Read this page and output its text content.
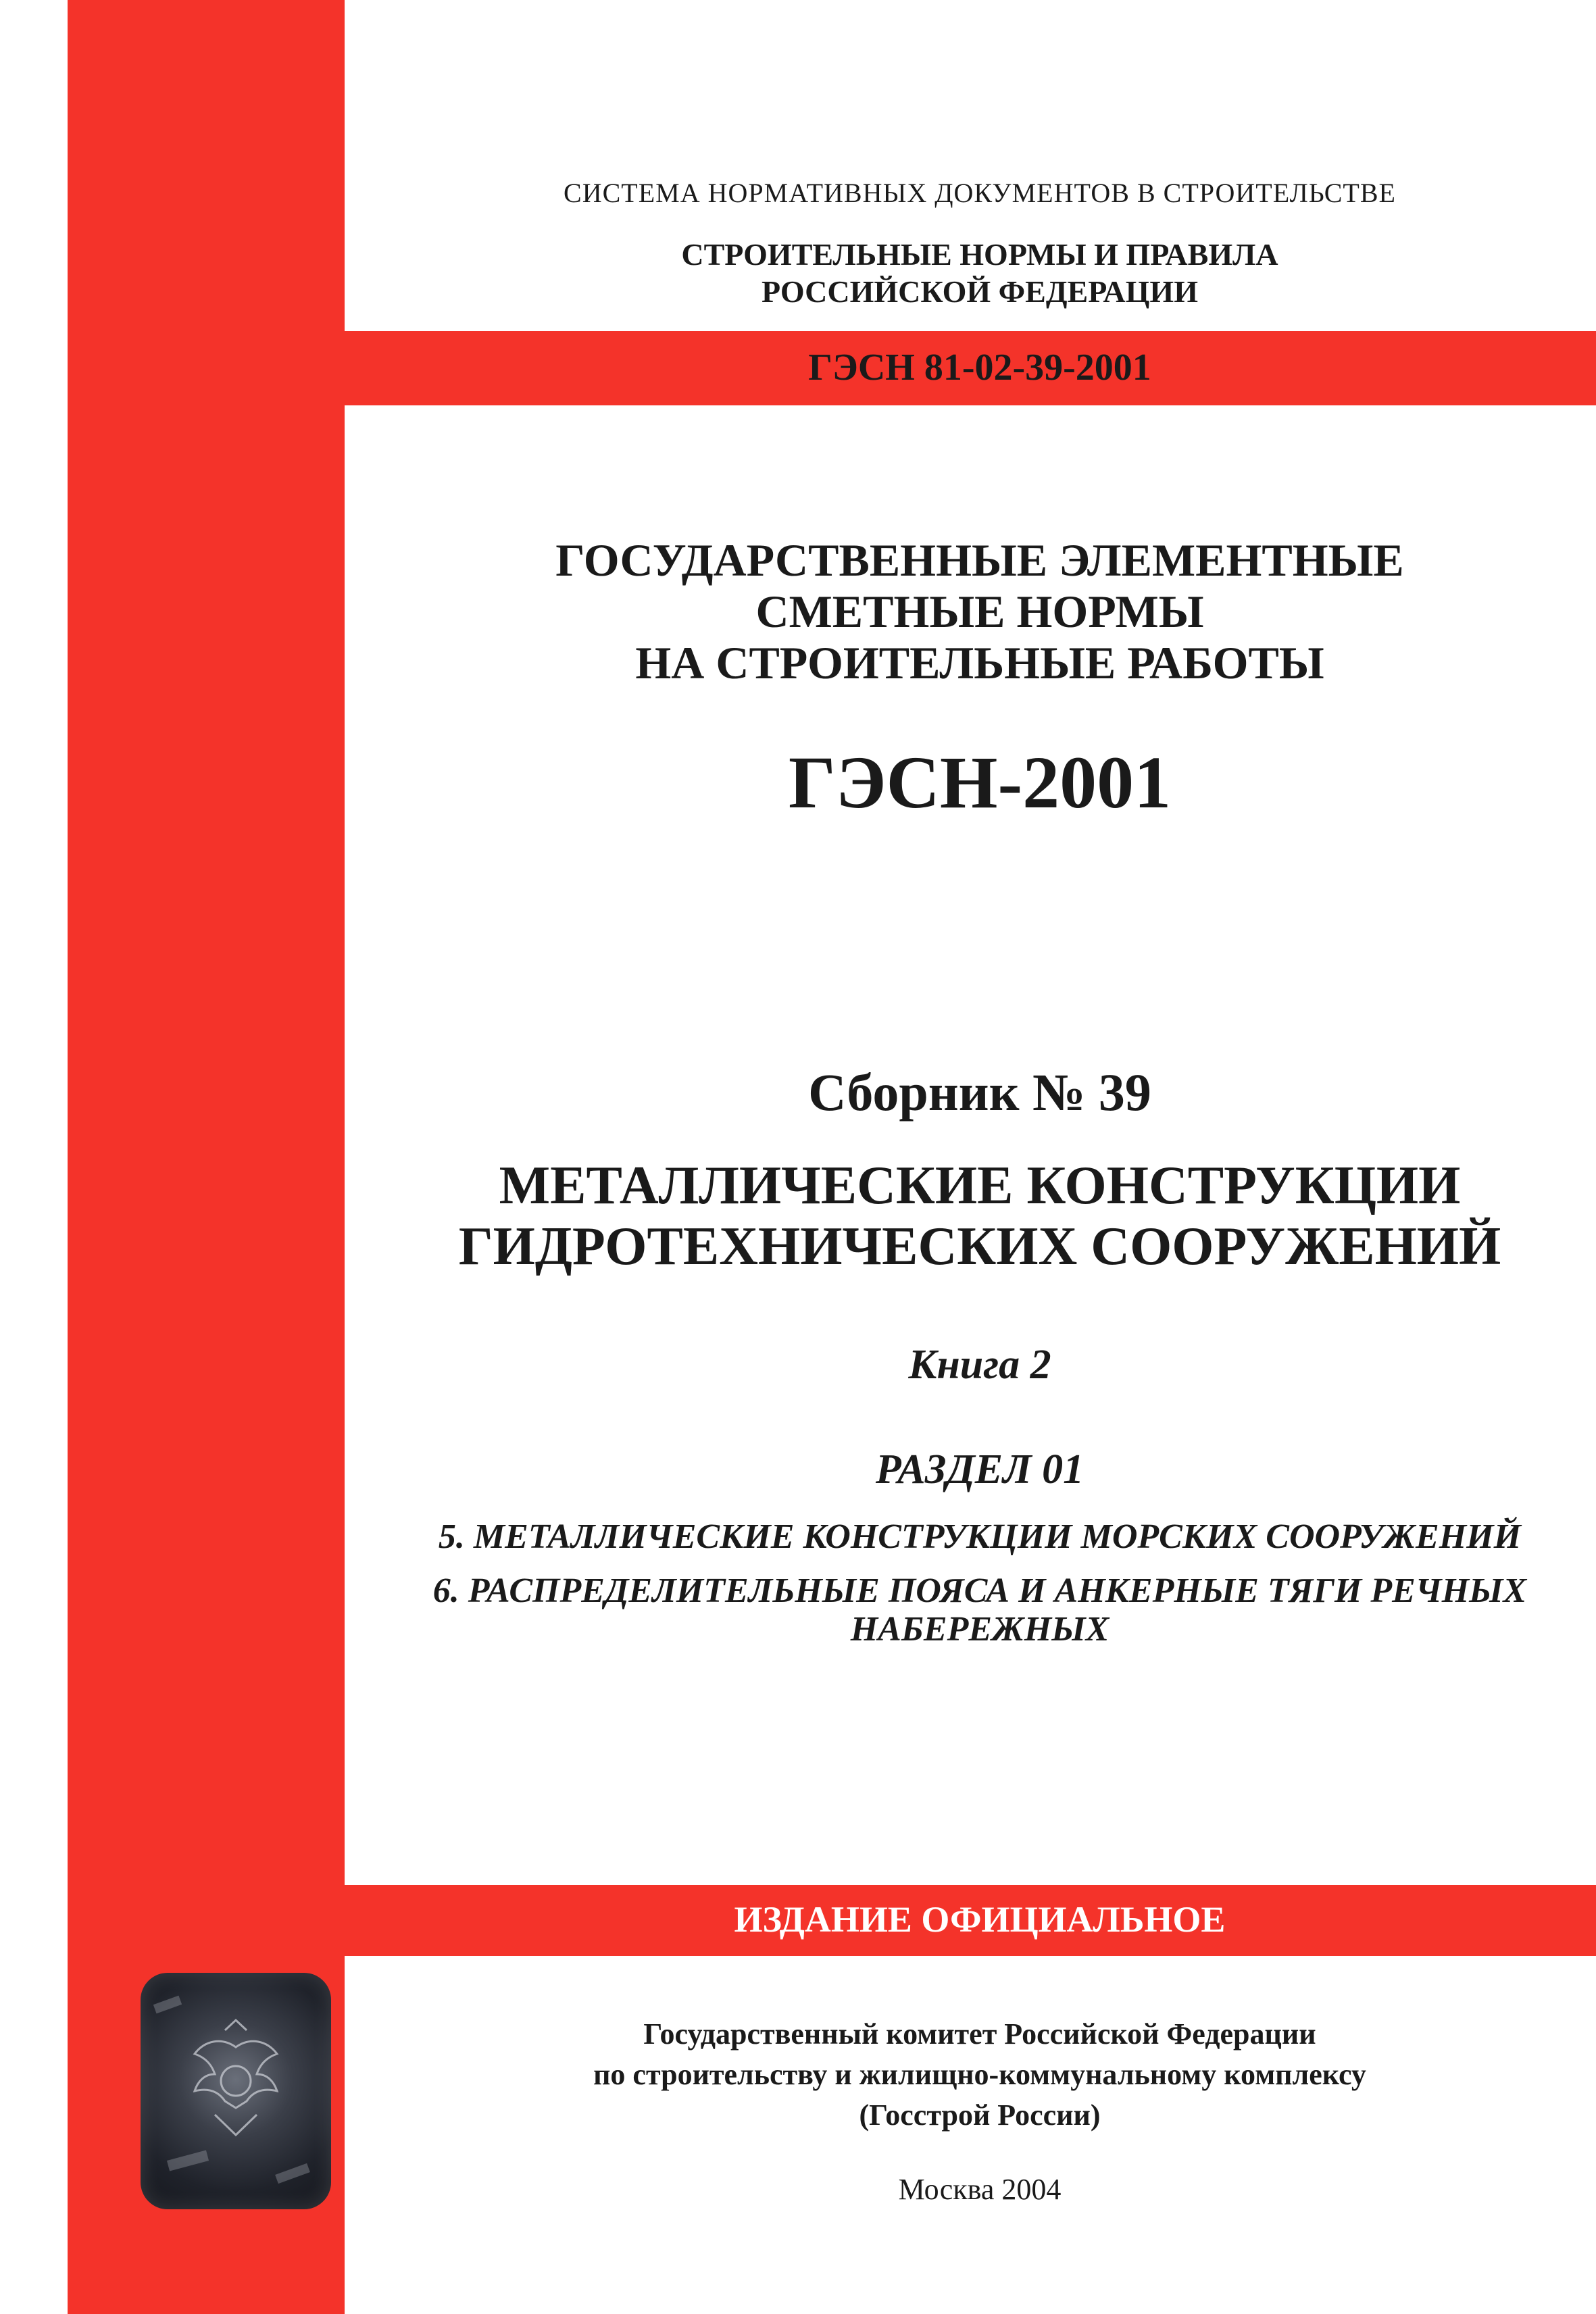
СИСТЕМА НОРМАТИВНЫХ ДОКУМЕНТОВ В СТРОИТЕЛЬСТВЕ
СТРОИТЕЛЬНЫЕ НОРМЫ И ПРАВИЛА
РОССИЙСКОЙ ФЕДЕРАЦИИ
ГЭСН 81-02-39-2001
ГОСУДАРСТВЕННЫЕ ЭЛЕМЕНТНЫЕ
СМЕТНЫЕ НОРМЫ
НА СТРОИТЕЛЬНЫЕ РАБОТЫ
ГЭСН-2001
Сборник № 39
МЕТАЛЛИЧЕСКИЕ КОНСТРУКЦИИ
ГИДРОТЕХНИЧЕСКИХ СООРУЖЕНИЙ
Книга 2
РАЗДЕЛ 01
5. МЕТАЛЛИЧЕСКИЕ КОНСТРУКЦИИ МОРСКИХ СООРУЖЕНИЙ
6. РАСПРЕДЕЛИТЕЛЬНЫЕ ПОЯСА И АНКЕРНЫЕ ТЯГИ РЕЧНЫХ
НАБЕРЕЖНЫХ
ИЗДАНИЕ ОФИЦИАЛЬНОЕ
Государственный комитет Российской Федерации
по строительству и жилищно-коммунальному комплексу
(Госстрой России)
Москва 2004
